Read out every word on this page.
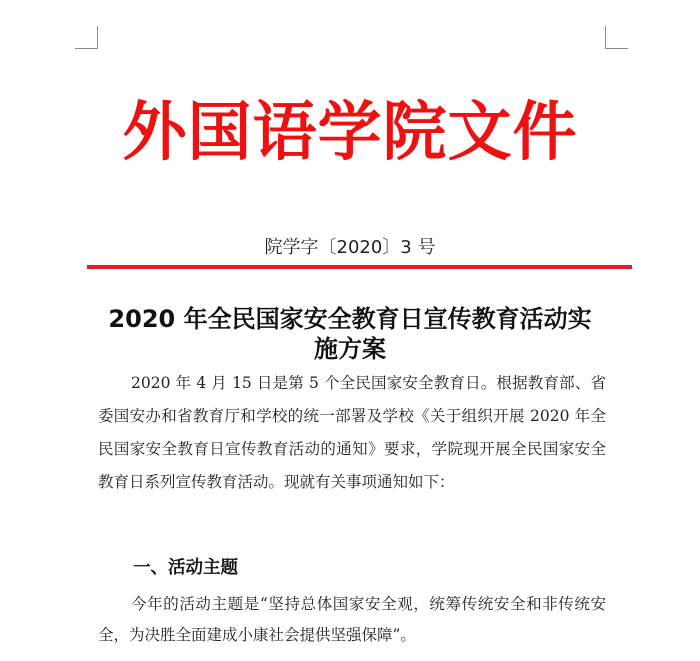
外国语学院文件
院学字〔2020〕3 号
2020 年全民国家安全教育日宣传教育活动实施方案
2020 年 4 月 15 日是第 5 个全民国家安全教育日。根据教育部、省委国安办和省教育厅和学校的统一部署及学校《关于组织开展 2020 年全民国家安全教育日宣传教育活动的通知》要求，学院现开展全民国家安全教育日系列宣传教育活动。现就有关事项通知如下：
一、活动主题
今年的活动主题是“坚持总体国家安全观，统筹传统安全和非传统安全，为决胜全面建成小康社会提供坚强保障”。
